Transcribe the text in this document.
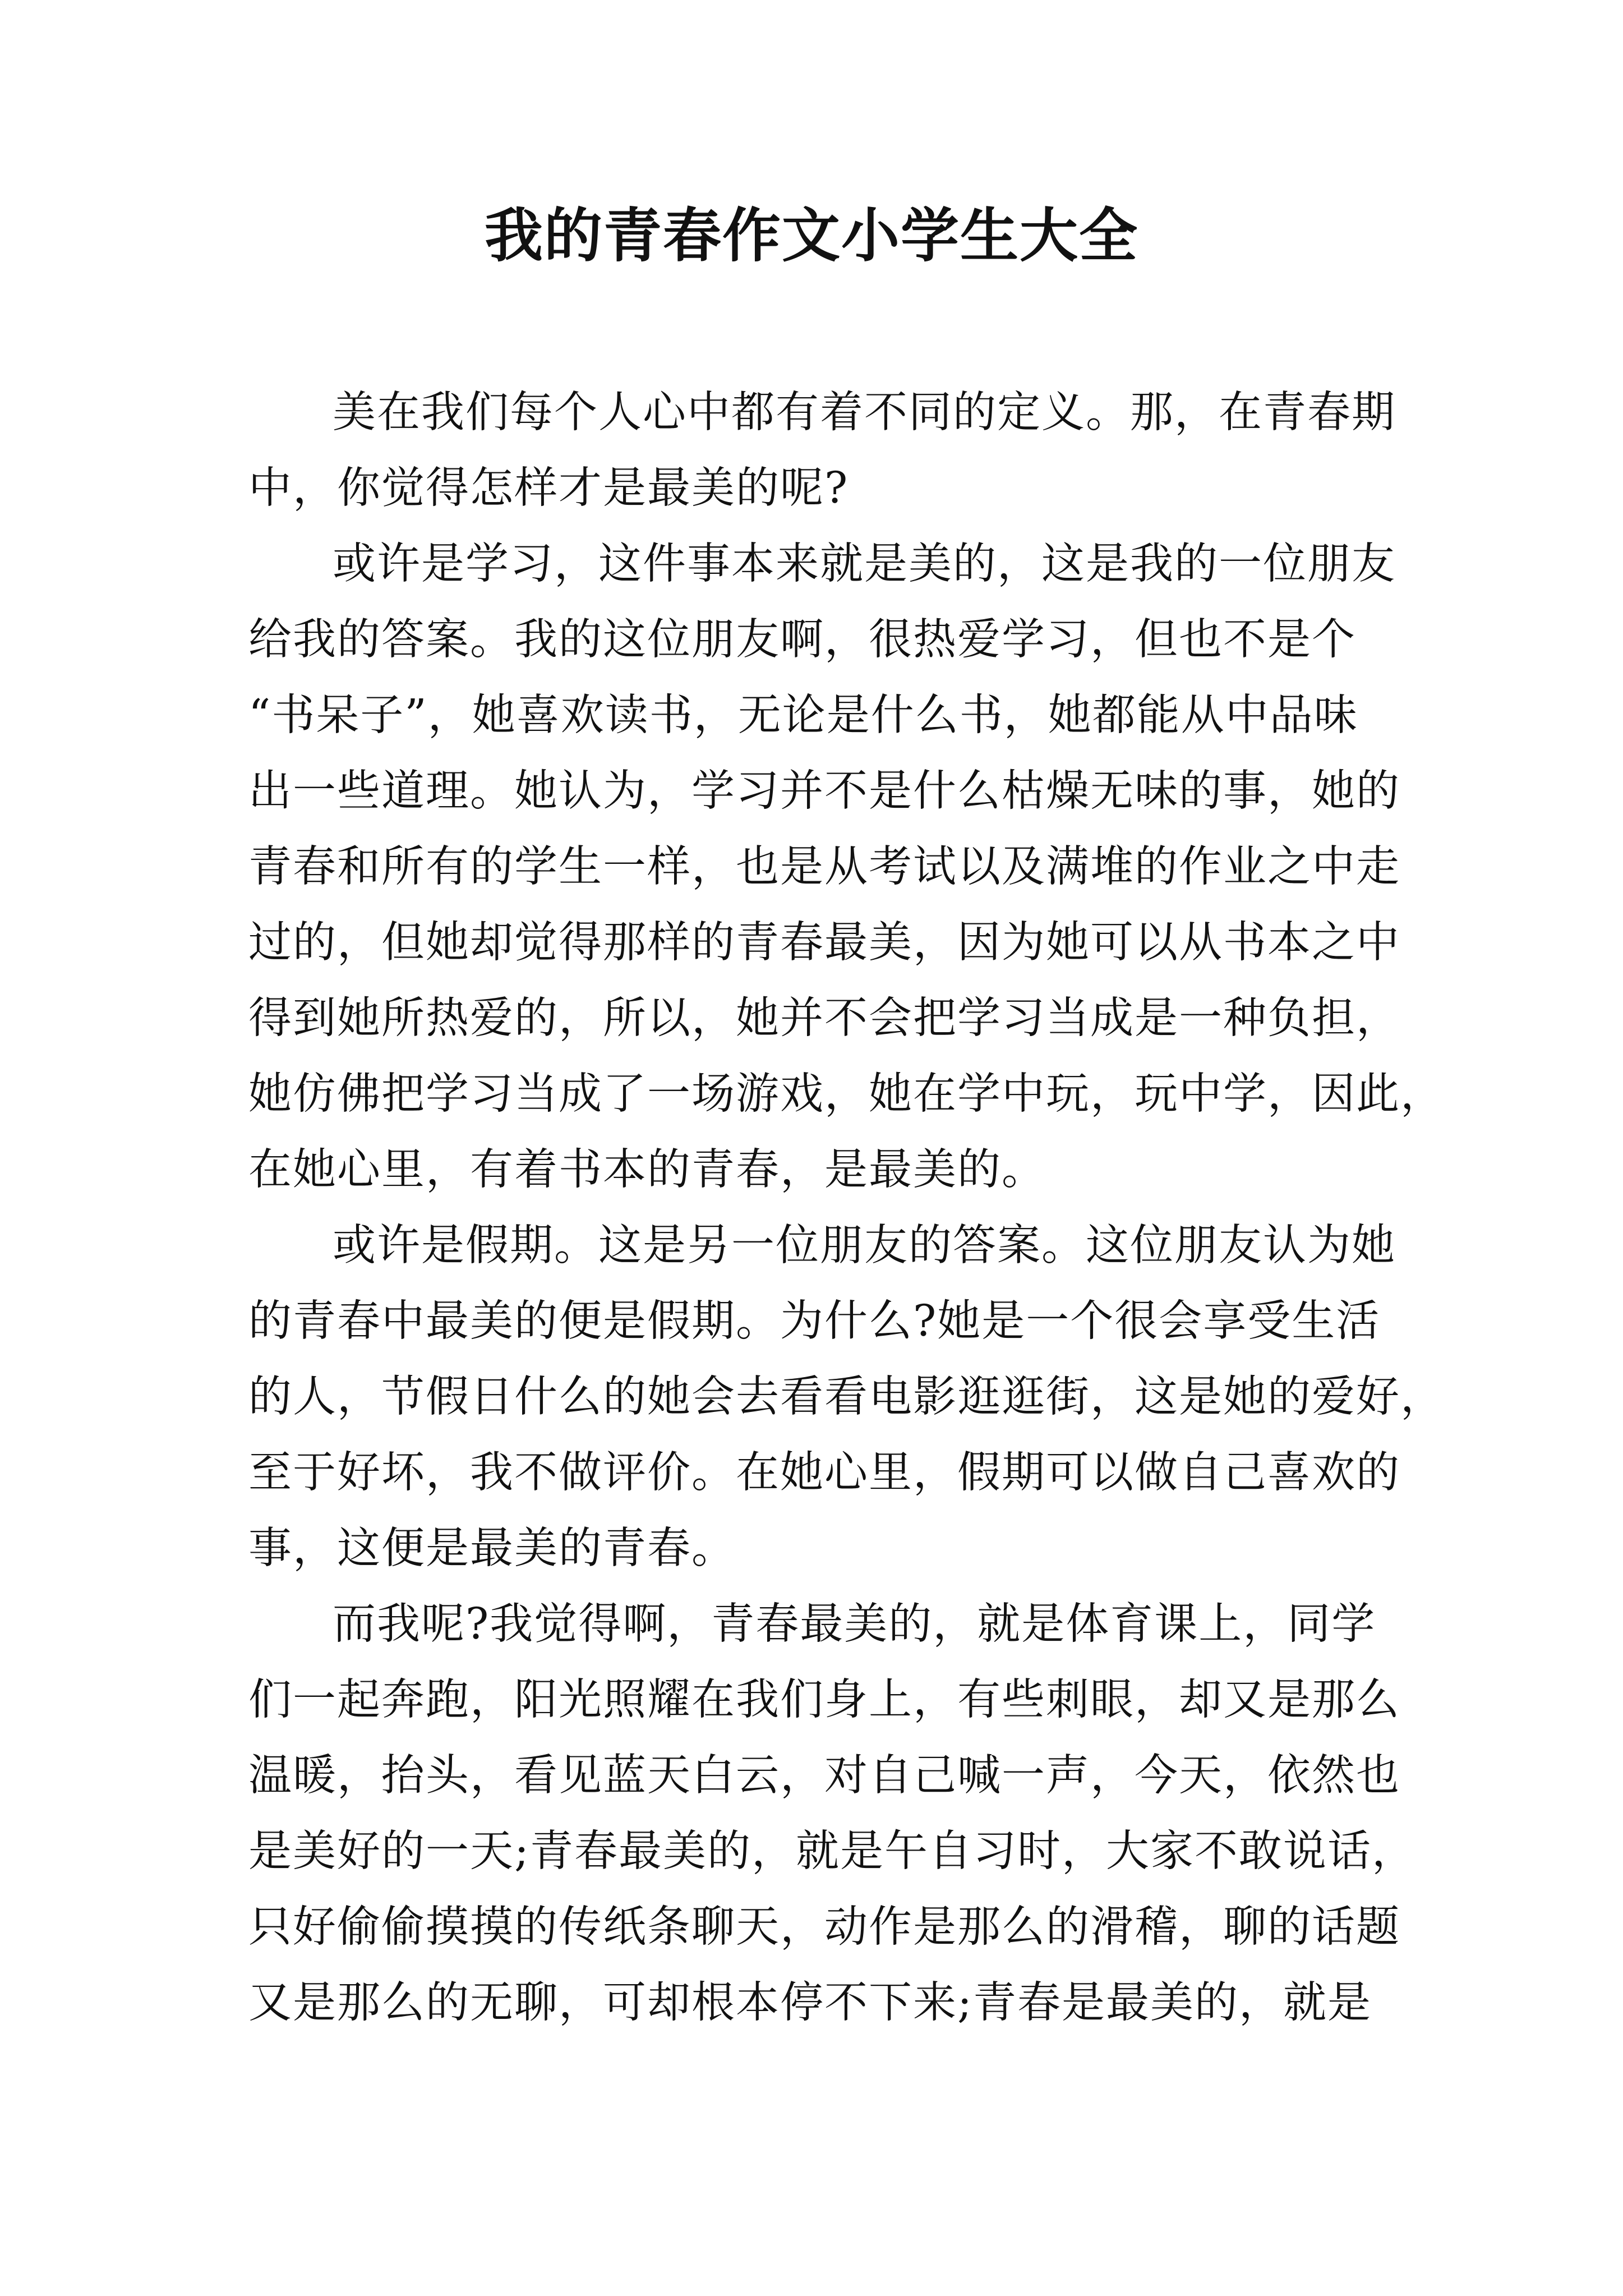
我的青春作文小学生大全
美在我们每个人心中都有着不同的定义。那，在青春期
中，你觉得怎样才是最美的呢?
或许是学习，这件事本来就是美的，这是我的一位朋友
给我的答案。我的这位朋友啊，很热爱学习，但也不是个
“书呆子”，她喜欢读书，无论是什么书，她都能从中品味
出一些道理。她认为，学习并不是什么枯燥无味的事，她的
青春和所有的学生一样，也是从考试以及满堆的作业之中走
过的，但她却觉得那样的青春最美，因为她可以从书本之中
得到她所热爱的，所以，她并不会把学习当成是一种负担，
她仿佛把学习当成了一场游戏，她在学中玩，玩中学，因此，
在她心里，有着书本的青春，是最美的。
或许是假期。这是另一位朋友的答案。这位朋友认为她
的青春中最美的便是假期。为什么?她是一个很会享受生活
的人，节假日什么的她会去看看电影逛逛街，这是她的爱好，
至于好坏，我不做评价。在她心里，假期可以做自己喜欢的
事，这便是最美的青春。
而我呢?我觉得啊，青春最美的，就是体育课上，同学
们一起奔跑，阳光照耀在我们身上，有些刺眼，却又是那么
温暖，抬头，看见蓝天白云，对自己喊一声，今天，依然也
是美好的一天;青春最美的，就是午自习时，大家不敢说话，
只好偷偷摸摸的传纸条聊天，动作是那么的滑稽，聊的话题
又是那么的无聊，可却根本停不下来;青春是最美的，就是
